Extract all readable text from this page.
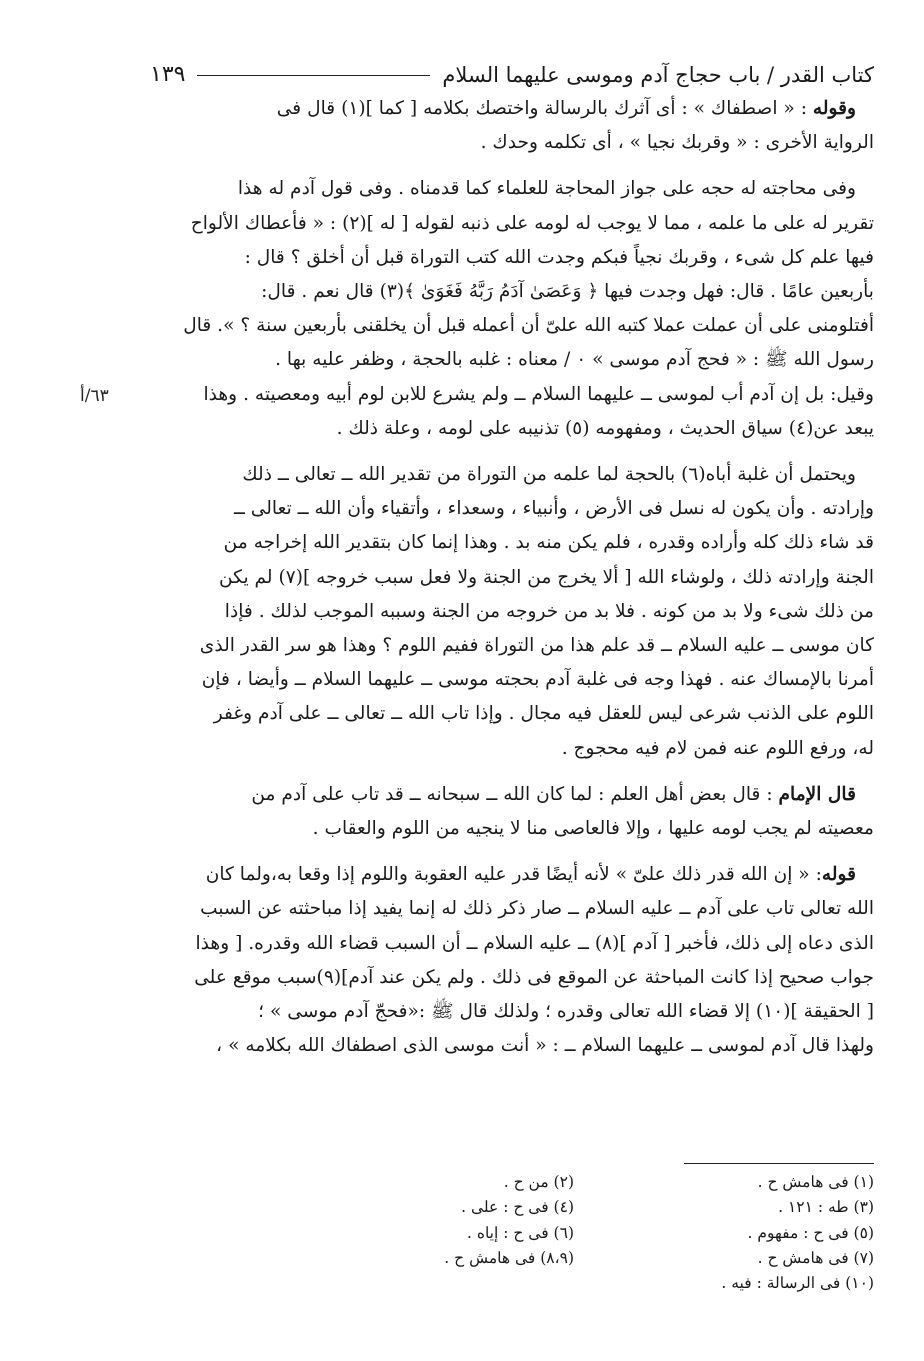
كتاب القدر / باب حجاج آدم وموسى عليهما السلام
١٣٩

وقوله : « اصطفاك » : أى آثرك بالرسالة واختصك بكلامه [ كما ](١) قال فى
الرواية الأخرى : « وقربك نجيا » ، أى تكلمه وحدك .

وفى محاجته له حجه على جواز المحاجة للعلماء كما قدمناه . وفى قول آدم له هذا
تقرير له على ما علمه ، مما لا يوجب له لومه على ذنبه لقوله [ له ](٢) : « فأعطاك الألواح
فيها علم كل شىء ، وقربك نجياً فبكم وجدت الله كتب التوراة قبل أن أخلق ؟ قال :
بأربعين عامًا . قال: فهل وجدت فيها ﴿ وَعَصَىٰ آدَمُ رَبَّهُ فَغَوَىٰ ﴾(٣) قال نعم . قال:
أفتلومنى على أن عملت عملا كتبه الله علىّ أن أعمله قبل أن يخلقنى بأربعين سنة ؟ ». قال
رسول الله ﷺ : « فحج آدم موسى » ٠ / معناه : غلبه بالحجة ، وظفر عليه بها .
وقيل: بل إن آدم أب لموسى ــ عليهما السلام ــ ولم يشرع للابن لوم أبيه ومعصيته . وهذا
يبعد عن(٤) سياق الحديث ، ومفهومه (٥) تذنيبه على لومه ، وعلة ذلك .

ويحتمل أن غلبة أباه(٦) بالحجة لما علمه من التوراة من تقدير الله ــ تعالى ــ ذلك
وإرادته . وأن يكون له نسل فى الأرض ، وأنبياء ، وسعداء ، وأتقياء وأن الله ــ تعالى ــ
قد شاء ذلك كله وأراده وقدره ، فلم يكن منه بد . وهذا إنما كان بتقدير الله إخراجه من
الجنة وإرادته ذلك ، ولوشاء الله [ ألا يخرج من الجنة ولا فعل سبب خروجه ](٧) لم يكن
من ذلك شىء ولا بد من كونه . فلا بد من خروجه من الجنة وسببه الموجب لذلك . فإذا
كان موسى ــ عليه السلام ــ قد علم هذا من التوراة ففيم اللوم ؟ وهذا هو سر القدر الذى
أمرنا بالإمساك عنه . فهذا وجه فى غلبة آدم بحجته موسى ــ عليهما السلام ــ وأيضا ، فإن
اللوم على الذنب شرعى ليس للعقل فيه مجال . وإذا تاب الله ــ تعالى ــ على آدم وغفر
له، ورفع اللوم عنه فمن لام فيه محجوج .

قال الإمام : قال بعض أهل العلم : لما كان الله ــ سبحانه ــ قد تاب على آدم من
معصيته لم يجب لومه عليها ، وإلا فالعاصى منا لا ينجيه من اللوم والعقاب .

قوله: « إن الله قدر ذلك علىّ » لأنه أيضًا قدر عليه العقوبة واللوم إذا وقعا به،ولما كان
الله تعالى تاب على آدم ــ عليه السلام ــ صار ذكر ذلك له إنما يفيد إذا مباحثته عن السبب
الذى دعاه إلى ذلك، فأخبر [ آدم ](٨) ــ عليه السلام ــ أن السبب قضاء الله وقدره. [ وهذا
جواب صحيح إذا كانت المباحثة عن الموقع فى ذلك . ولم يكن عند آدم](٩)سبب موقع على
[ الحقيقة ](١٠) إلا قضاء الله تعالى وقدره ؛ ولذلك قال ﷺ :«فحجّ آدم موسى » ؛
ولهذا قال آدم لموسى ــ عليهما السلام ــ : « أنت موسى الذى اصطفاك الله بكلامه » ،

٦٣/أ
(١) فى هامش ح .
(٢) من ح .
(٣) طه : ١٢١ .
(٤) فى ح : على .
(٥) فى ح : مفهوم .
(٦) فى ح : إياه .
(٧) فى هامش ح .
(٨،٩) فى هامش ح .
(١٠) فى الرسالة : فيه .
